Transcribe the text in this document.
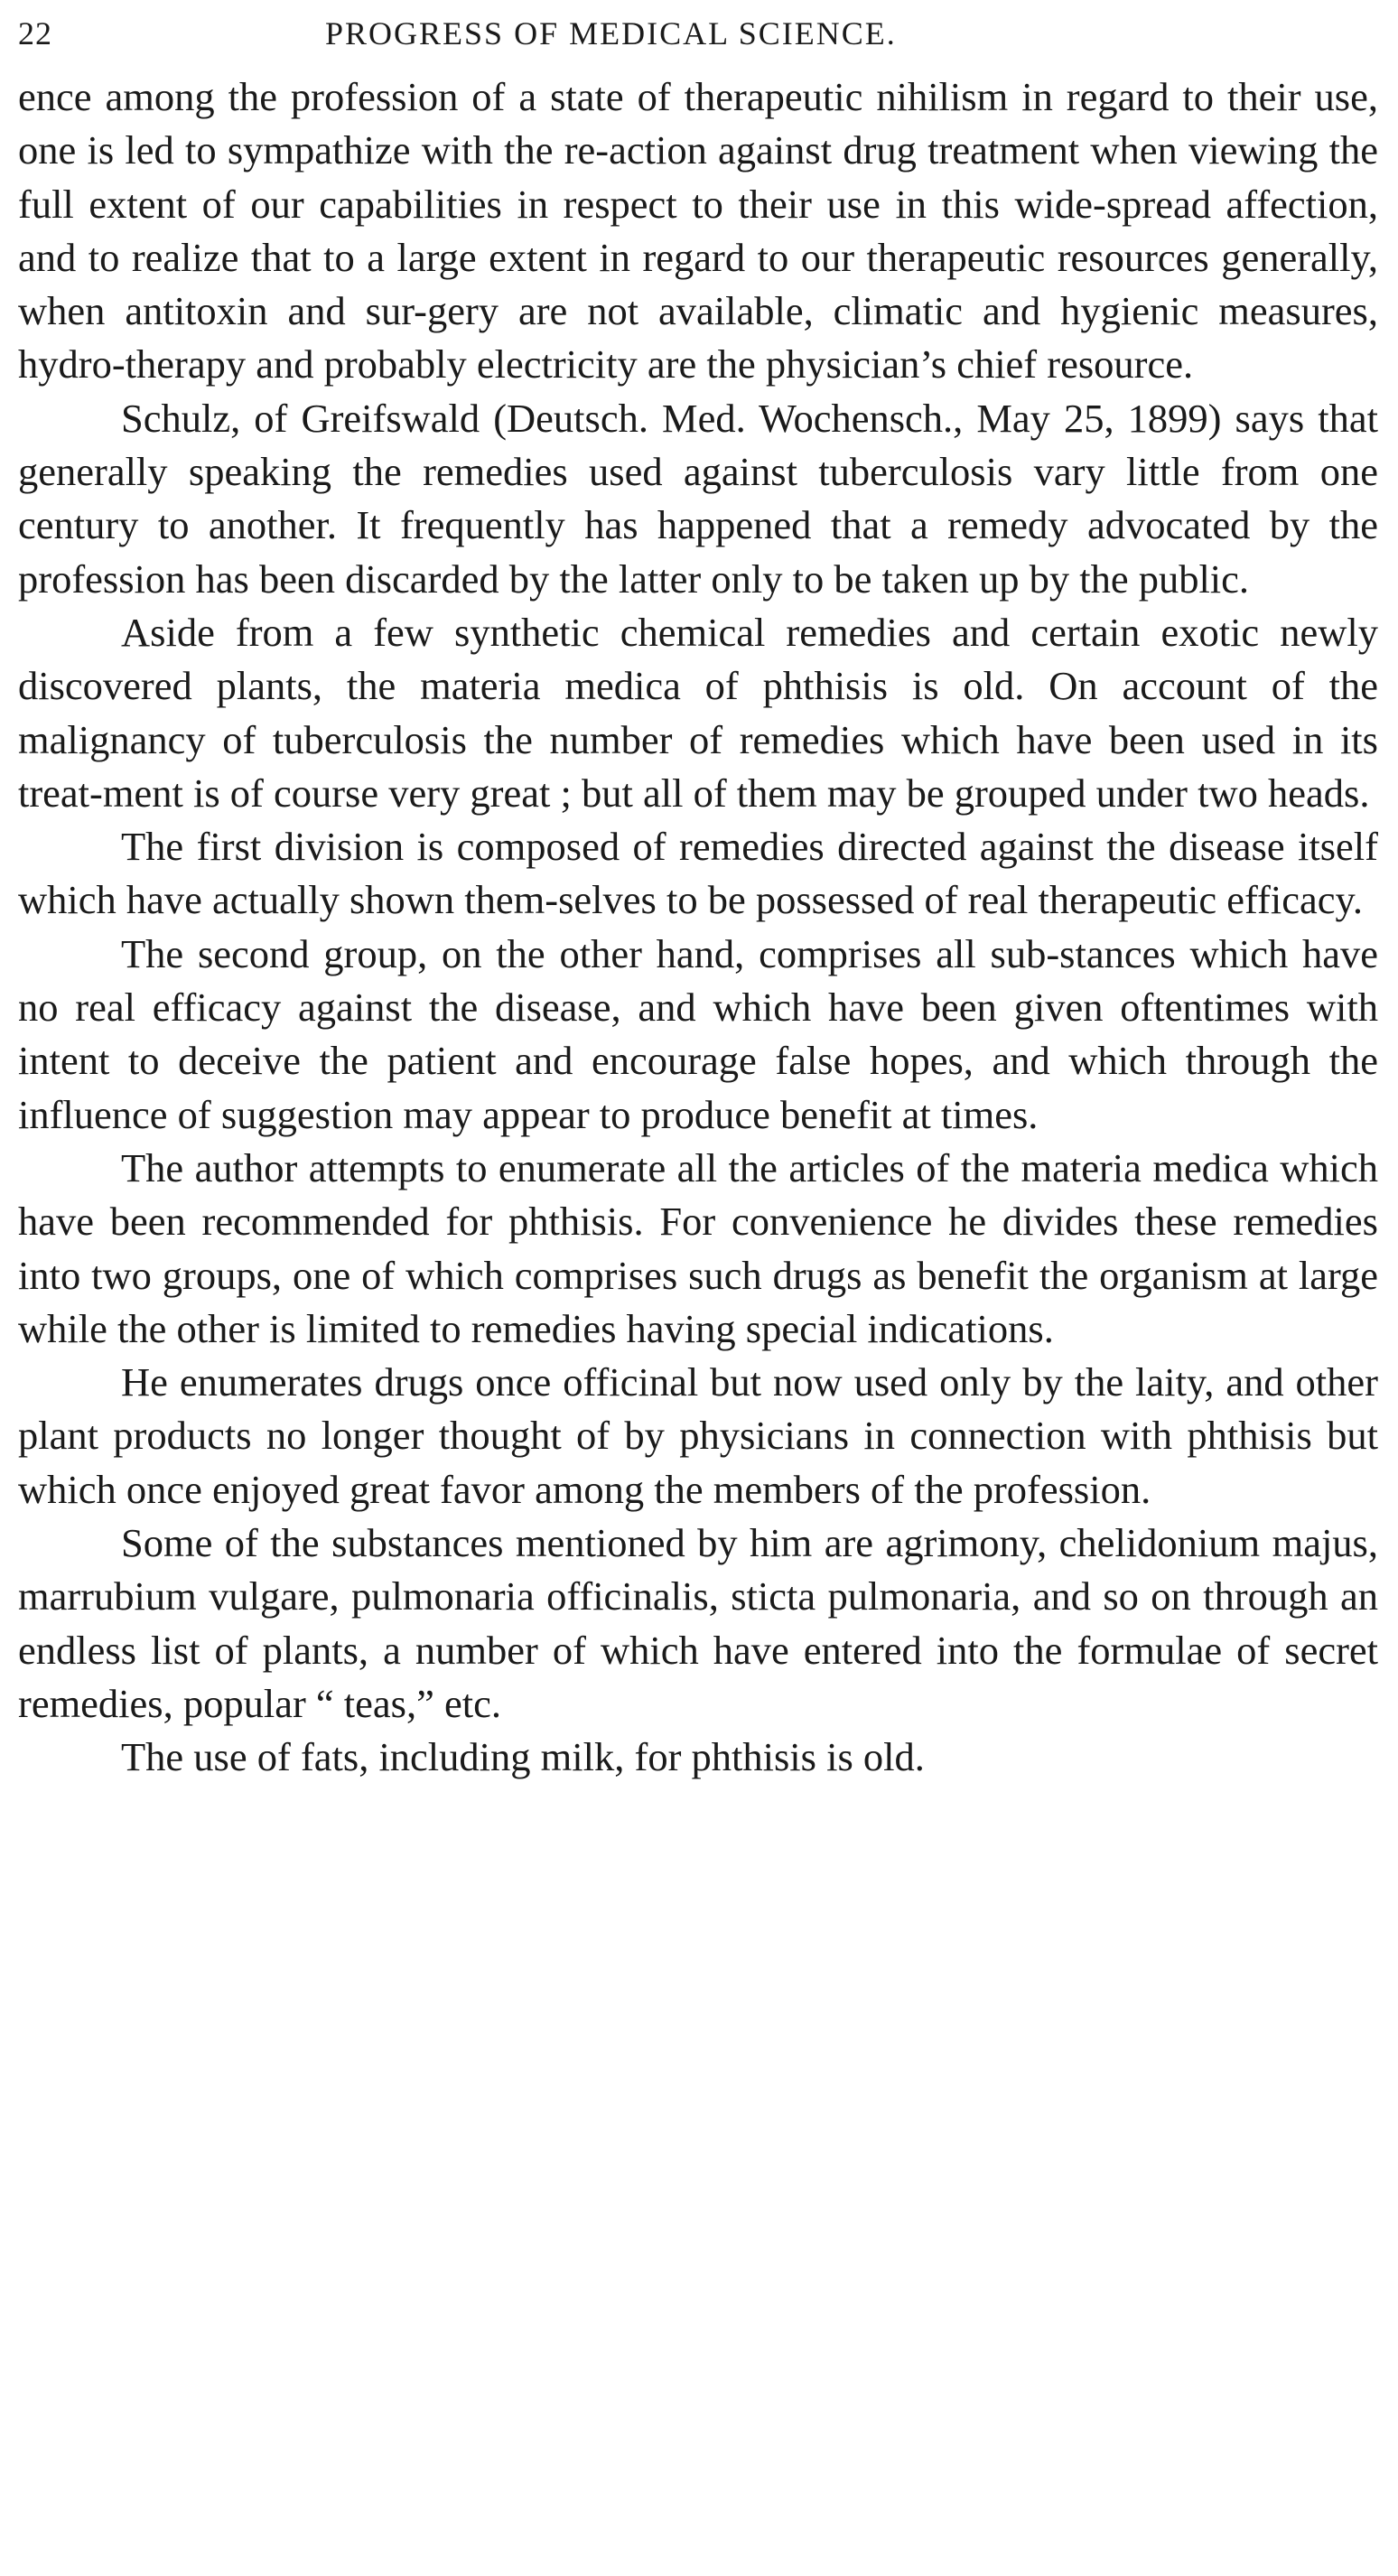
22	PROGRESS OF MEDICAL SCIENCE.

ence among the profession of a state of therapeutic nihilism in regard to their use, one is led to sympathize with the re-action against drug treatment when viewing the full extent of our capabilities in respect to their use in this wide-spread affection, and to realize that to a large extent in regard to our therapeutic resources generally, when antitoxin and sur-gery are not available, climatic and hygienic measures, hydro-therapy and probably electricity are the physician’s chief resource.

Schulz, of Greifswald (Deutsch. Med. Wochensch., May 25, 1899) says that generally speaking the remedies used against tuberculosis vary little from one century to another. It frequently has happened that a remedy advocated by the profession has been discarded by the latter only to be taken up by the public.

Aside from a few synthetic chemical remedies and certain exotic newly discovered plants, the materia medica of phthisis is old. On account of the malignancy of tuberculosis the number of remedies which have been used in its treat-ment is of course very great ; but all of them may be grouped under two heads.

The first division is composed of remedies directed against the disease itself which have actually shown them-selves to be possessed of real therapeutic efficacy.

The second group, on the other hand, comprises all sub-stances which have no real efficacy against the disease, and which have been given oftentimes with intent to deceive the patient and encourage false hopes, and which through the influence of suggestion may appear to produce benefit at times.

The author attempts to enumerate all the articles of the materia medica which have been recommended for phthisis. For convenience he divides these remedies into two groups, one of which comprises such drugs as benefit the organism at large while the other is limited to remedies having special indications.

He enumerates drugs once officinal but now used only by the laity, and other plant products no longer thought of by physicians in connection with phthisis but which once enjoyed great favor among the members of the profession.

Some of the substances mentioned by him are agrimony, chelidonium majus, marrubium vulgare, pulmonaria officinalis, sticta pulmonaria, and so on through an endless list of plants, a number of which have entered into the formulae of secret remedies, popular “ teas,” etc.

The use of fats, including milk, for phthisis is old.
